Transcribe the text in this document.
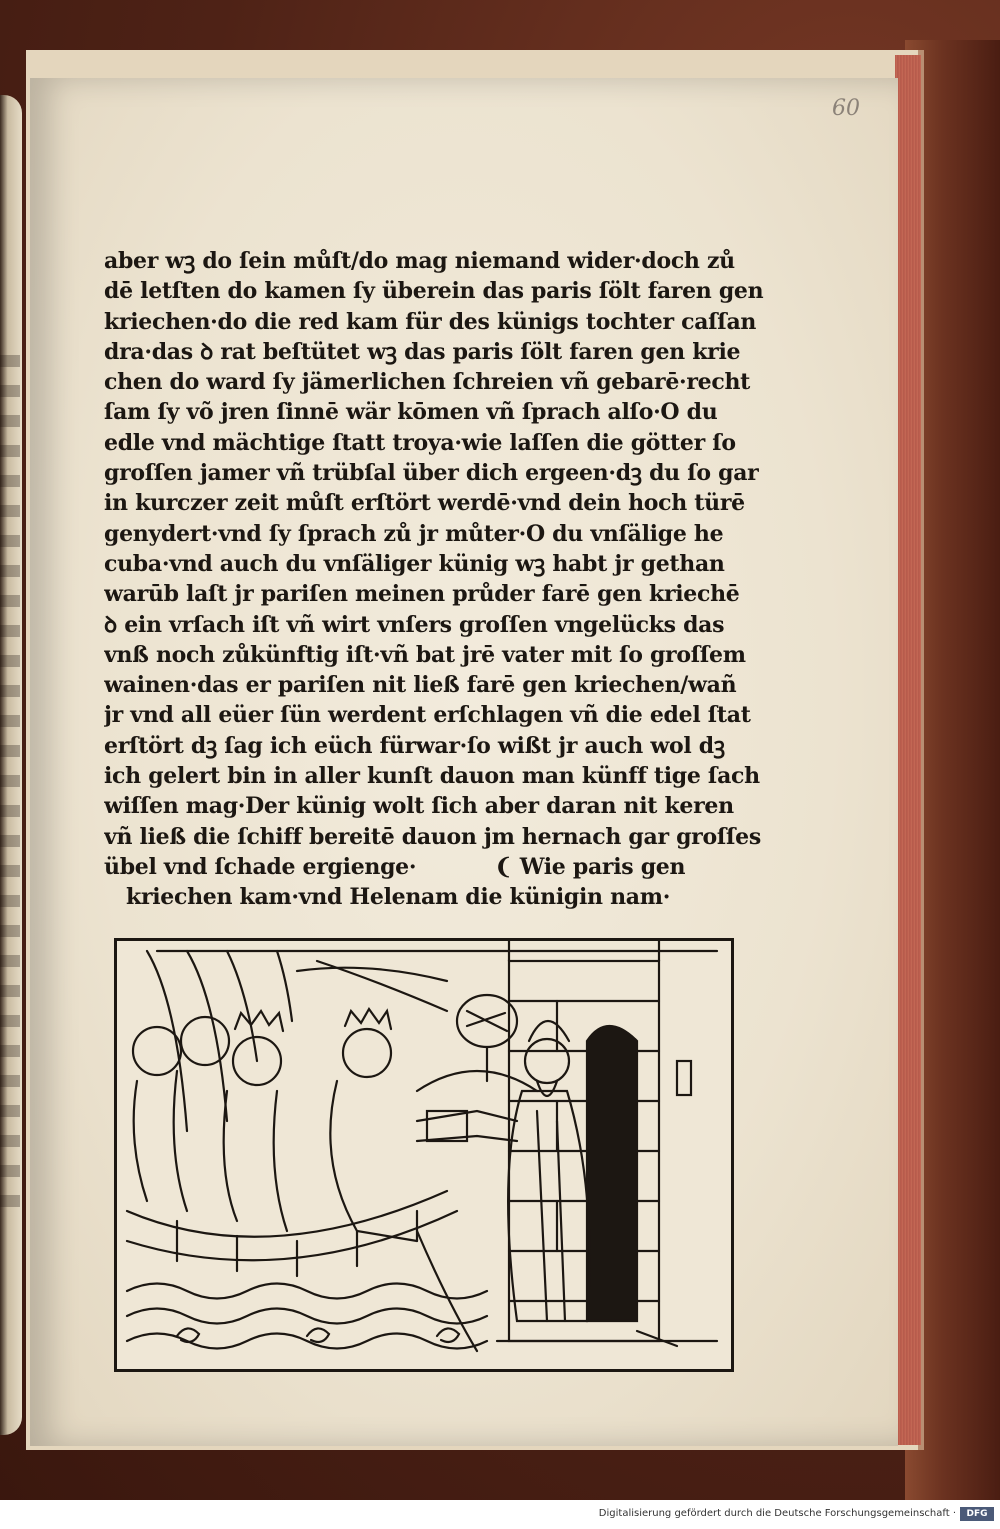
60
aber wꝫ do ſein můſt/do mag niemand wider·doch zů
dē letſten do kamen ſy überein das paris ſölt faren gen
kriechen·do die red kam für des künigs tochter caſſan
dra·das ꝺ rat beſtütet wꝫ das paris ſölt faren gen krie
chen do ward ſy jämerlichen ſchreien vñ gebarē·recht
ſam ſy võ jren ſinnē wär kōmen vñ ſprach alſo·O du
edle vnd mächtige ſtatt troya·wie laſſen die götter ſo
groſſen jamer vñ trübſal über dich ergeen·dꝫ du ſo gar
in kurczer zeit můſt erſtört werdē·vnd dein hoch türē
genydert·vnd ſy ſprach zů jr můter·O du vnſälige he
cuba·vnd auch du vnſäliger künig wꝫ habt jr gethan
warūb laſt jr pariſen meinen průder farē gen kriechē
ꝺ ein vrſach iſt vñ wirt vnſers groſſen vngelücks das
vnß noch zůkünftig iſt·vñ bat jrē vater mit ſo groſſem
wainen·das er pariſen nit ließ farē gen kriechen/wañ
jr vnd all eüer ſün werdent erſchlagen vñ die edel ſtat
erſtört dꝫ ſag ich eüch fürwar·ſo wißt jr auch wol dꝫ
ich gelert bin in aller kunſt dauon man künff tige ſach
wiſſen mag·Der künig wolt ſich aber daran nit keren
vñ ließ die ſchiff bereitē dauon jm hernach gar groſſes
übel vnd ſchade ergienge·	❨ Wie paris gen
kriechen kam·vnd Helenam die künigin nam·
Digitalisierung gefördert durch die Deutsche Forschungsgemeinschaft ·	DFG
